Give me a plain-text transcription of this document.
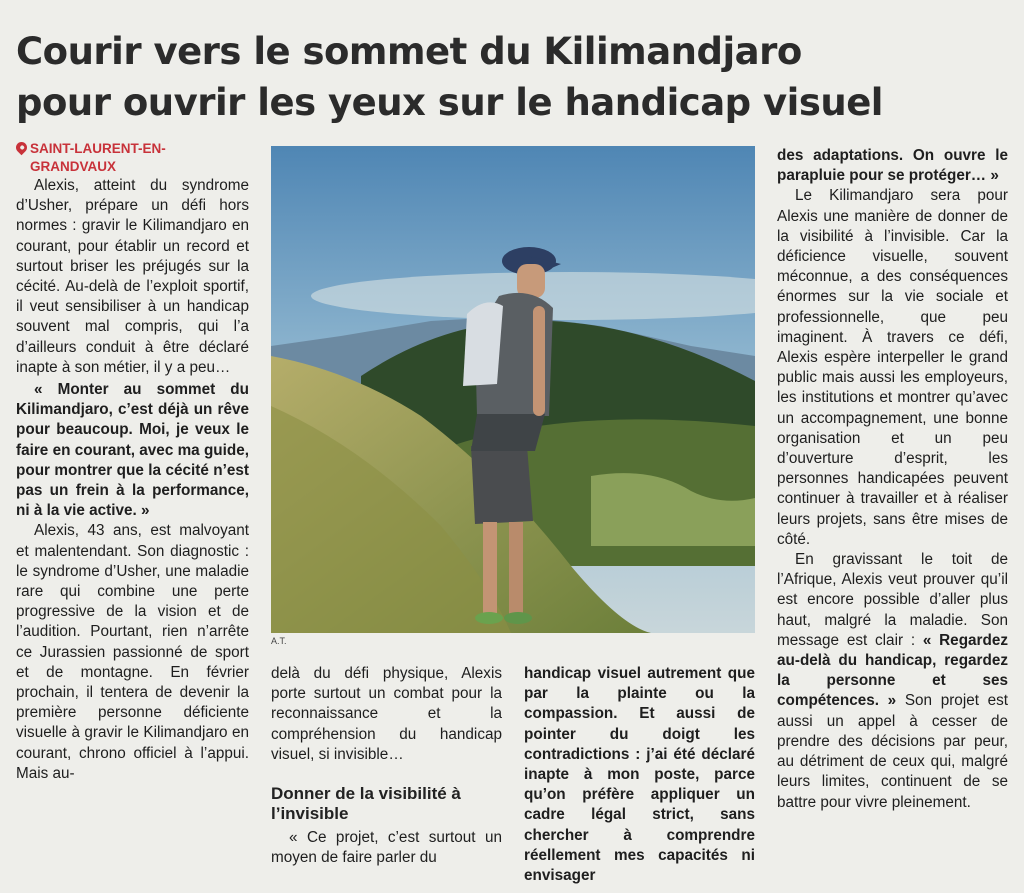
Courir vers le sommet du Kilimandjaro
pour ouvrir les yeux sur le handicap visuel
SAINT-LAURENT-EN-GRANDVAUX

Alexis, atteint du syndrome d’Usher, prépare un défi hors normes : gravir le Kilimandjaro en courant, pour établir un record et surtout briser les préjugés sur la cécité. Au-delà de l’exploit sportif, il veut sensibiliser à un handicap souvent mal compris, qui l’a d’ailleurs conduit à être déclaré inapte à son métier, il y a peu…

« Monter au sommet du Kilimandjaro, c’est déjà un rêve pour beaucoup. Moi, je veux le faire en courant, avec ma guide, pour montrer que la cécité n’est pas un frein à la performance, ni à la vie active. »

Alexis, 43 ans, est malvoyant et malentendant. Son diagnostic : le syndrome d’Usher, une maladie rare qui combine une perte progressive de la vision et de l’audition. Pourtant, rien n’arrête ce Jurassien passionné de sport et de montagne. En février prochain, il tentera de devenir la première personne déficiente visuelle à gravir le Kilimandjaro en courant, chrono officiel à l’appui. Mais au-

A.T.

delà du défi physique, Alexis porte surtout un combat pour la reconnaissance et la compréhension du handicap visuel, si invisible…

Donner de la visibilité à l’invisible

« Ce projet, c’est surtout un moyen de faire parler du

handicap visuel autrement que par la plainte ou la compassion. Et aussi de pointer du doigt les contradictions : j’ai été déclaré inapte à mon poste, parce qu’on préfère appliquer un cadre légal strict, sans chercher à comprendre réellement mes capacités ni envisager

des adaptations. On ouvre le parapluie pour se protéger… »

Le Kilimandjaro sera pour Alexis une manière de donner de la visibilité à l’invisible. Car la déficience visuelle, souvent méconnue, a des conséquences énormes sur la vie sociale et professionnelle, que peu imaginent. À travers ce défi, Alexis espère interpeller le grand public mais aussi les employeurs, les institutions et montrer qu’avec un accompagnement, une bonne organisation et un peu d’ouverture d’esprit, les personnes handicapées peuvent continuer à travailler et à réaliser leurs projets, sans être mises de côté.

En gravissant le toit de l’Afrique, Alexis veut prouver qu’il est encore possible d’aller plus haut, malgré la maladie. Son message est clair : « Regardez au-delà du handicap, regardez la personne et ses compétences. » Son projet est aussi un appel à cesser de prendre des décisions par peur, au détriment de ceux qui, malgré leurs limites, continuent de se battre pour vivre pleinement.
